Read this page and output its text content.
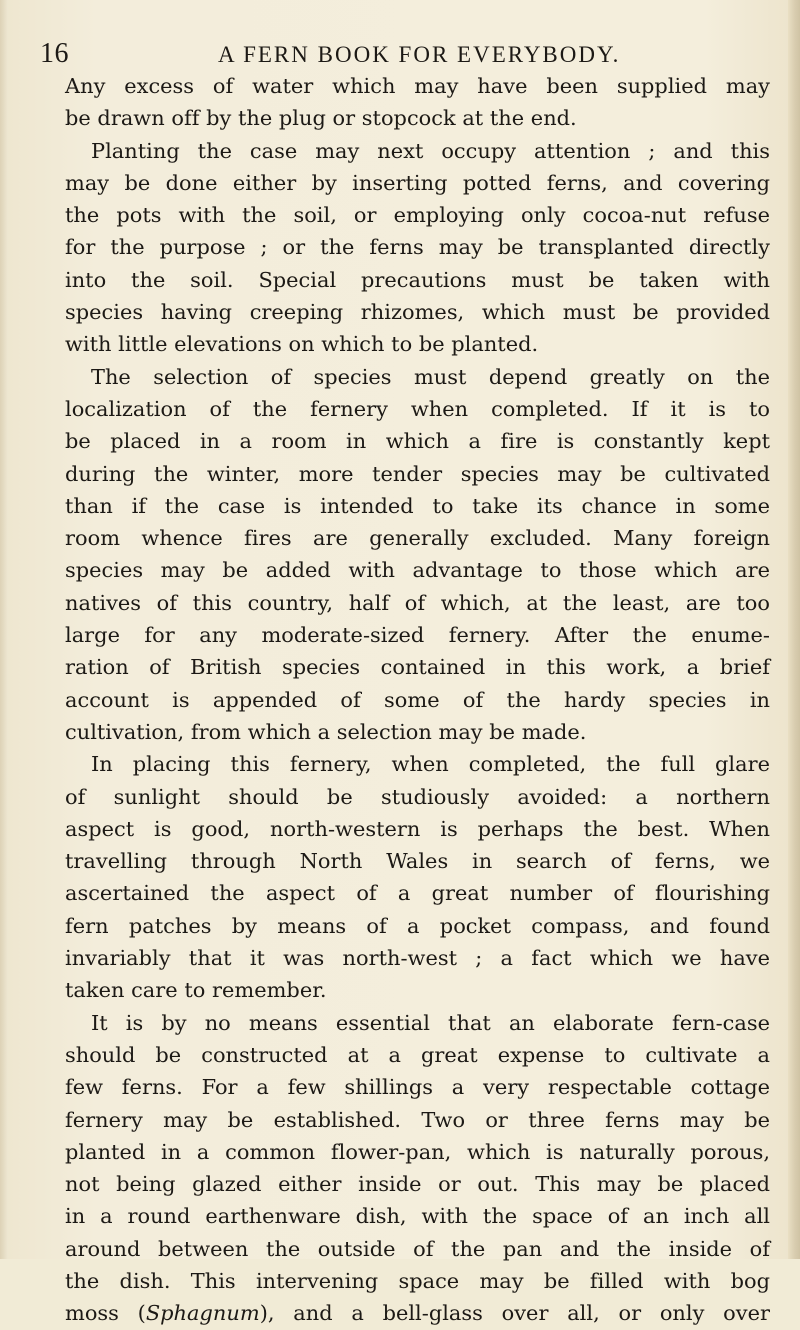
16	A FERN BOOK FOR EVERYBODY.
Any excess of water which may have been supplied may
be drawn off by the plug or stopcock at the end.
Planting the case may next occupy attention ; and this
may be done either by inserting potted ferns, and covering
the pots with the soil, or employing only cocoa-nut refuse
for the purpose ; or the ferns may be transplanted directly
into the soil. Special precautions must be taken with
species having creeping rhizomes, which must be provided
with little elevations on which to be planted.
The selection of species must depend greatly on the
localization of the fernery when completed. If it is to
be placed in a room in which a fire is constantly kept
during the winter, more tender species may be cultivated
than if the case is intended to take its chance in some
room whence fires are generally excluded. Many foreign
species may be added with advantage to those which are
natives of this country, half of which, at the least, are too
large for any moderate-sized fernery. After the enume-
ration of British species contained in this work, a brief
account is appended of some of the hardy species in
cultivation, from which a selection may be made.
In placing this fernery, when completed, the full glare
of sunlight should be studiously avoided: a northern
aspect is good, north-western is perhaps the best. When
travelling through North Wales in search of ferns, we
ascertained the aspect of a great number of flourishing
fern patches by means of a pocket compass, and found
invariably that it was north-west ; a fact which we have
taken care to remember.
It is by no means essential that an elaborate fern-case
should be constructed at a great expense to cultivate a
few ferns. For a few shillings a very respectable cottage
fernery may be established. Two or three ferns may be
planted in a common flower-pan, which is naturally porous,
not being glazed either inside or out. This may be placed
in a round earthenware dish, with the space of an inch all
around between the outside of the pan and the inside of
the dish. This intervening space may be filled with bog
moss (Sphagnum), and a bell-glass over all, or only over
